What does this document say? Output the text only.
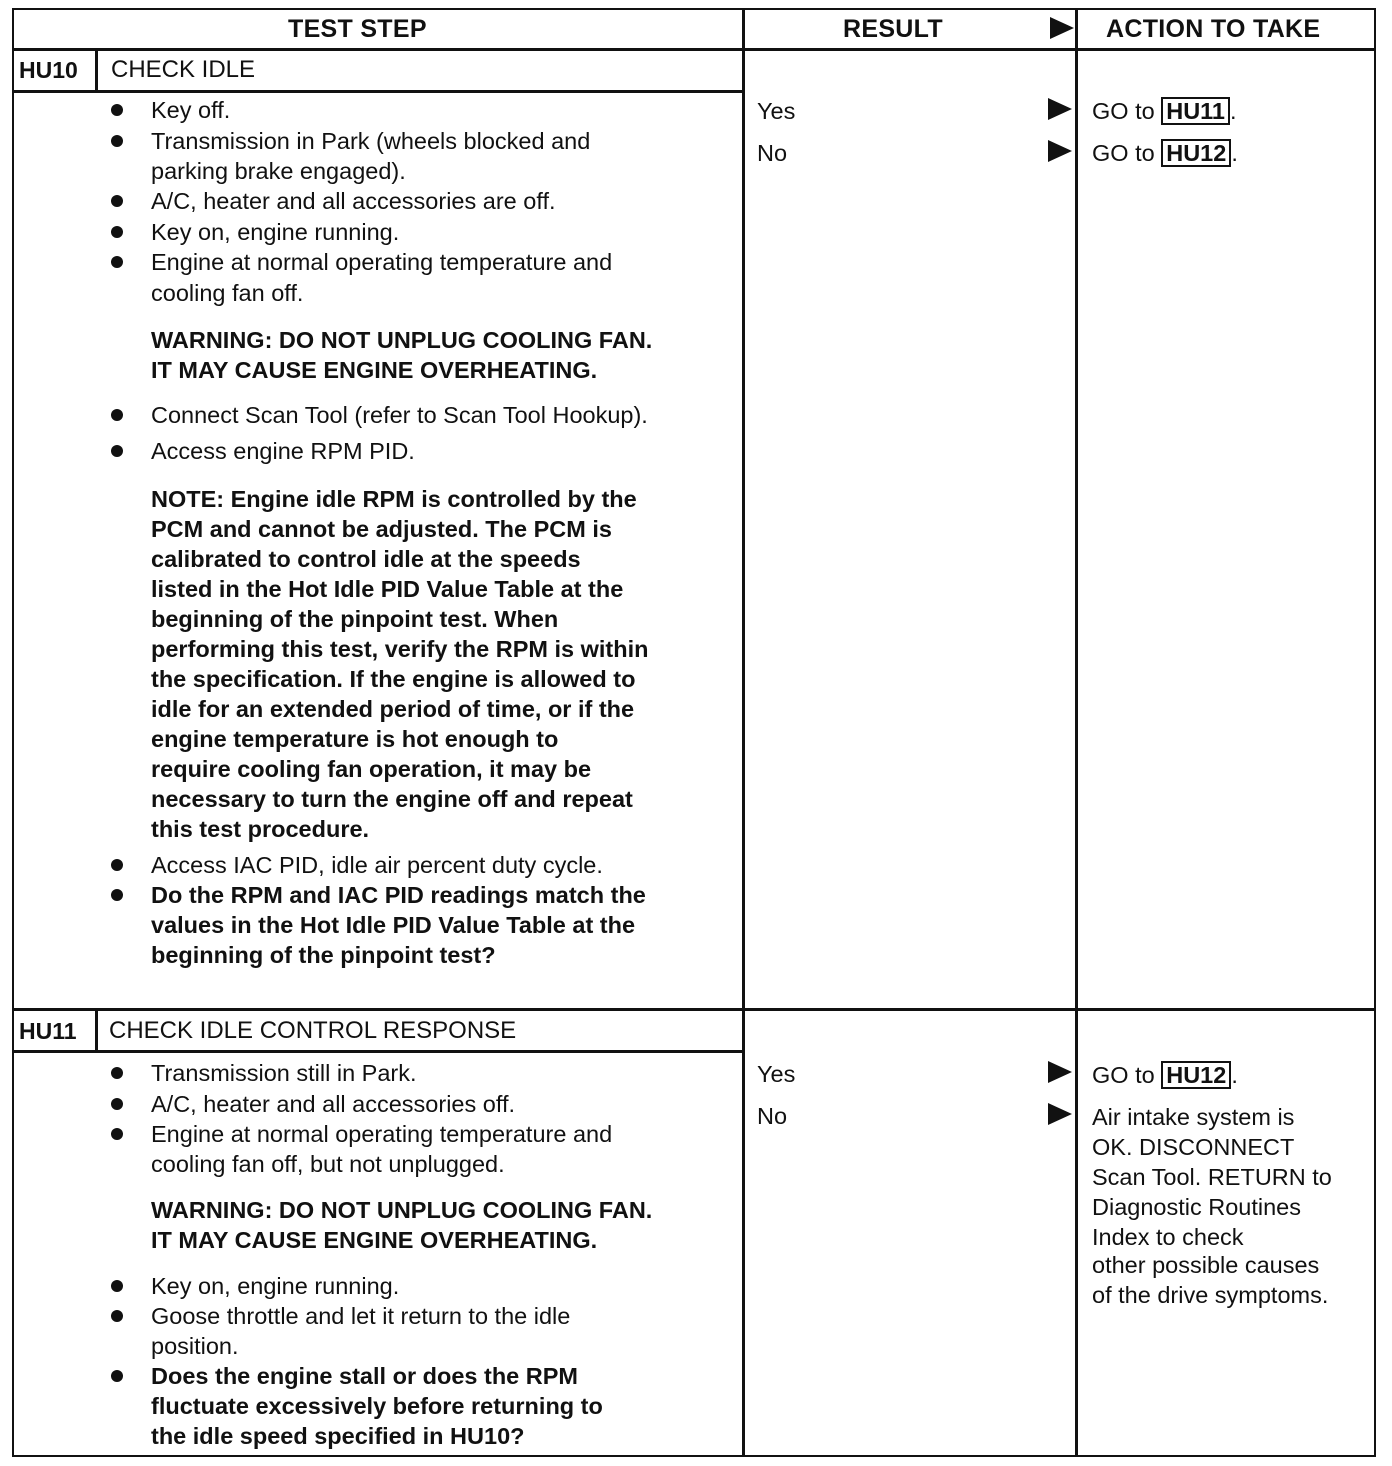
TEST STEP	RESULT	ACTION TO TAKE
HU10 CHECK IDLE
Key off.
Transmission in Park (wheels blocked and
parking brake engaged).
A/C, heater and all accessories are off.
Key on, engine running.
Engine at normal operating temperature and
cooling fan off.
WARNING: DO NOT UNPLUG COOLING FAN.
IT MAY CAUSE ENGINE OVERHEATING.
Connect Scan Tool (refer to Scan Tool Hookup).
Access engine RPM PID.
NOTE: Engine idle RPM is controlled by the
PCM and cannot be adjusted. The PCM is
calibrated to control idle at the speeds
listed in the Hot Idle PID Value Table at the
beginning of the pinpoint test. When
performing this test, verify the RPM is within
the specification. If the engine is allowed to
idle for an extended period of time, or if the
engine temperature is hot enough to
require cooling fan operation, it may be
necessary to turn the engine off and repeat
this test procedure.
Access IAC PID, idle air percent duty cycle.
Do the RPM and IAC PID readings match the
values in the Hot Idle PID Value Table at the
beginning of the pinpoint test?
Yes
No
GO to HU11 .
GO to HU12 .
HU11 CHECK IDLE CONTROL RESPONSE
Transmission still in Park.
A/C, heater and all accessories off.
Engine at normal operating temperature and
cooling fan off, but not unplugged.
WARNING: DO NOT UNPLUG COOLING FAN.
IT MAY CAUSE ENGINE OVERHEATING.
Key on, engine running.
Goose throttle and let it return to the idle
position.
Does the engine stall or does the RPM
fluctuate excessively before returning to
the idle speed specified in HU10?
Yes
No
GO to HU12 .
Air intake system is
OK. DISCONNECT
Scan Tool. RETURN to
Diagnostic Routines
Index to check
other possible causes
of the drive symptoms.
